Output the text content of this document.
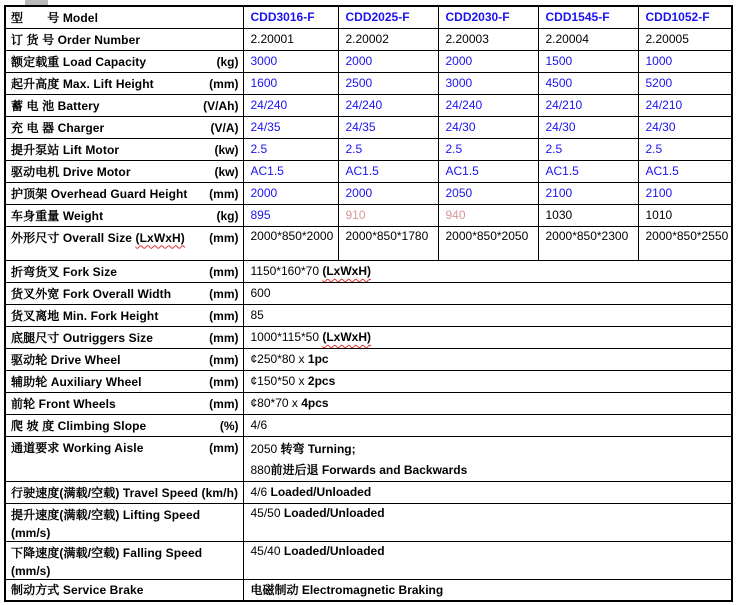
型　　号 Model	CDD3016-F	CDD2025-F	CDD2030-F	CDD1545-F	CDD1052-F

订 货 号 Order Number	2.20001	2.20002	2.20003	2.20004	2.20005

额定载重 Load Capacity (kg)	3000	2000	2000	1500	1000

起升高度 Max. Lift Height (mm)	1600	2500	3000	4500	5200

蓄 电 池 Battery (V/Ah)	24/240	24/240	24/240	24/210	24/210

充 电 器 Charger (V/A)	24/35	24/35	24/30	24/30	24/30

提升泵站 Lift Motor (kw)	2.5	2.5	2.5	2.5	2.5

驱动电机 Drive Motor (kw)	AC1.5	AC1.5	AC1.5	AC1.5	AC1.5

护顶架 Overhead Guard Height (mm)	2000	2000	2050	2100	2100

车身重量 Weight (kg)	895	910	940	1030	1010

外形尺寸 Overall Size (LxWxH) (mm)	2000*850*2000	2000*850*1780	2000*850*2050	2000*850*2300	2000*850*2550

折弯货叉 Fork Size (mm)	1150*160*70 (LxWxH)				

货叉外宽 Fork Overall Width (mm)	600				

货叉离地 Min. Fork Height (mm)	85				

底腿尺寸 Outriggers Size (mm)	1000*115*50 (LxWxH)				

驱动轮 Drive Wheel (mm)	¢250*80 x 1pc				

辅助轮 Auxiliary Wheel (mm)	¢150*50 x 2pcs				

前轮 Front Wheels (mm)	¢80*70 x 4pcs				

爬 坡 度 Climbing Slope (%)	4/6				

通道要求 Working Aisle	(mm)	2050 转弯 Turning;
880前进后退 Forwards and Backwards

行驶速度(满载/空载) Travel Speed (km/h)	4/6 Loaded/Unloaded				

提升速度(满载/空载) Lifting Speed
(mm/s)	45/50 Loaded/Unloaded				

下降速度(满载/空载) Falling Speed
(mm/s)	45/40 Loaded/Unloaded				

制动方式 Service Brake	电磁制动 Electromagnetic Braking				
